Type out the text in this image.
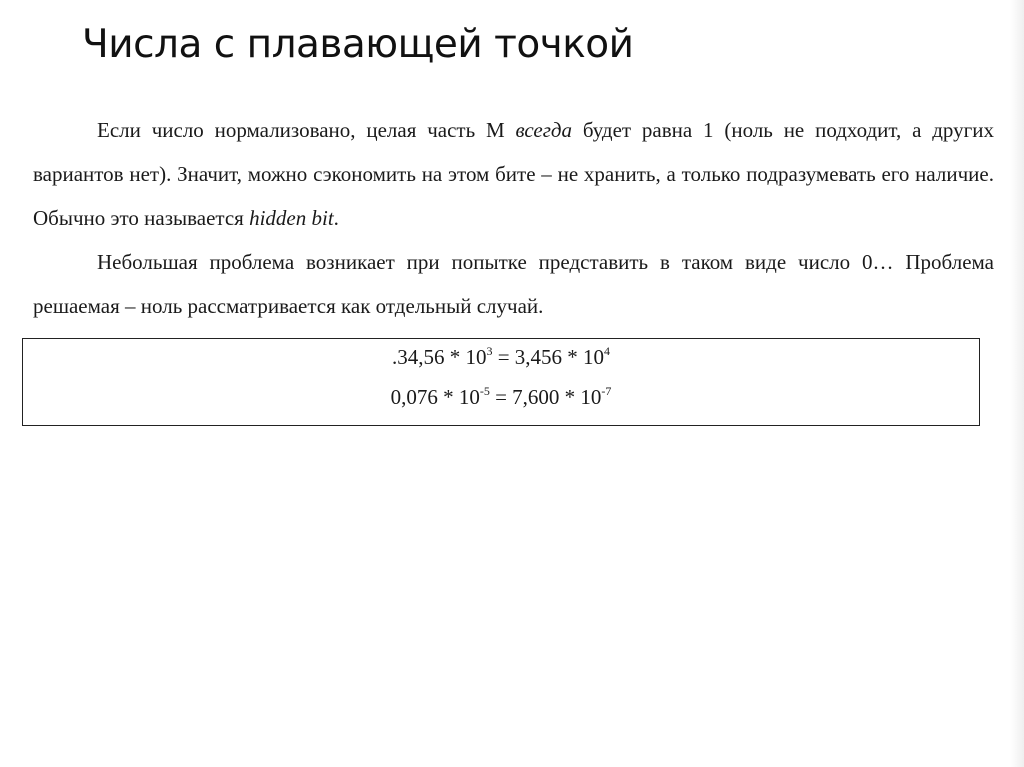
Числа с плавающей точкой

Если число нормализовано, целая часть М всегда будет равна 1 (ноль не подходит, а других вариантов нет). Значит, можно сэкономить на этом бите – не хранить, а только подразумевать его наличие. Обычно это называется hidden bit.

Небольшая проблема возникает при попытке представить в таком виде число 0… Проблема решаемая – ноль рассматривается как отдельный случай.

$.34,56 * 10^3 = 3,456 * 10^4$
$0,076 * 10^{-5} = 7,600 * 10^{-7}$
